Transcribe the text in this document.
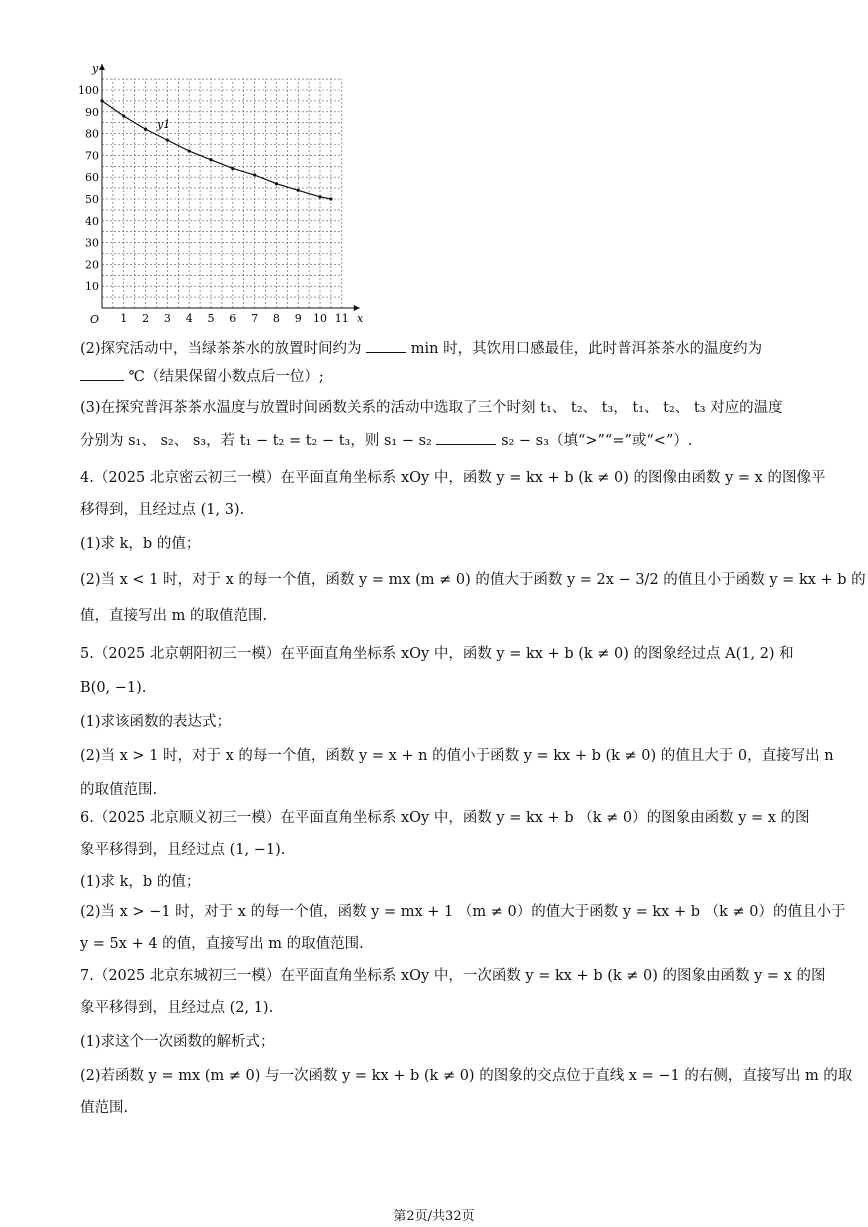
1 2 3 4 5 6 7 8 9 10 11
10
20
30
40
50
60
70
80
90
100
y
x
O
y1
(2)探究活动中，当绿茶茶水的放置时间约为	min 时，其饮用口感最佳，此时普洱茶茶水的温度约为
℃（结果保留小数点后一位）;
(3)在探究普洱茶茶水温度与放置时间函数关系的活动中选取了三个时刻 t₁、 t₂、 t₃， t₁、 t₂、 t₃ 对应的温度
分别为 s₁、 s₂、 s₃，若 t₁ − t₂ = t₂ − t₃，则 s₁ − s₂	s₂ − s₃（填“>”“=”或“<”）.
4.（2025 北京密云初三一模）在平面直角坐标系 xOy 中，函数 y = kx + b (k ≠ 0) 的图像由函数 y = x 的图像平
移得到，且经过点 (1, 3).
(1)求 k，b 的值；
(2)当 x < 1 时，对于 x 的每一个值，函数 y = mx (m ≠ 0) 的值大于函数 y = 2x − 3/2 的值且小于函数 y = kx + b 的
值，直接写出 m 的取值范围.
5.（2025 北京朝阳初三一模）在平面直角坐标系 xOy 中，函数 y = kx + b (k ≠ 0) 的图象经过点 A(1, 2) 和
B(0, −1).
(1)求该函数的表达式；
(2)当 x > 1 时，对于 x 的每一个值，函数 y = x + n 的值小于函数 y = kx + b (k ≠ 0) 的值且大于 0，直接写出 n
的取值范围.
6.（2025 北京顺义初三一模）在平面直角坐标系 xOy 中，函数 y = kx + b （k ≠ 0）的图象由函数 y = x 的图
象平移得到，且经过点 (1, −1).
(1)求 k，b 的值；
(2)当 x > −1 时，对于 x 的每一个值，函数 y = mx + 1 （m ≠ 0）的值大于函数 y = kx + b （k ≠ 0）的值且小于
y = 5x + 4 的值，直接写出 m 的取值范围.
7.（2025 北京东城初三一模）在平面直角坐标系 xOy 中，一次函数 y = kx + b (k ≠ 0) 的图象由函数 y = x 的图
象平移得到，且经过点 (2, 1).
(1)求这个一次函数的解析式；
(2)若函数 y = mx (m ≠ 0) 与一次函数 y = kx + b (k ≠ 0) 的图象的交点位于直线 x = −1 的右侧，直接写出 m 的取
值范围.
第2页/共32页
